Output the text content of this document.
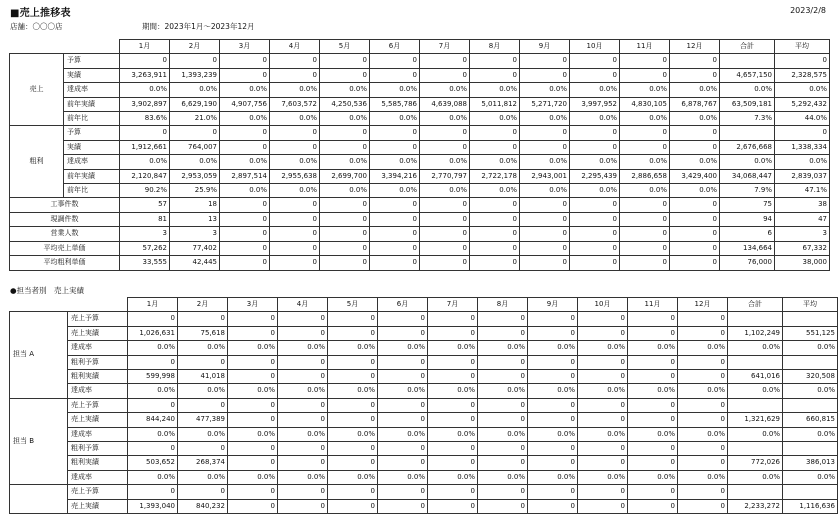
■売上推移表	2023/2/8
店舗：〇〇〇店	期間：2023年1月～2023年12月
		1月	2月	3月	4月	5月	6月	7月	8月	9月	10月	11月	12月	合計	平均
売上	予算	0	0	0	0	0	0	0	0	0	0	0	0		0
	実績	3,263,911	1,393,239	0	0	0	0	0	0	0	0	0	0	4,657,150	2,328,575
	達成率	0.0%	0.0%	0.0%	0.0%	0.0%	0.0%	0.0%	0.0%	0.0%	0.0%	0.0%	0.0%	0.0%	0.0%
	前年実績	3,902,897	6,629,190	4,907,756	7,603,572	4,250,536	5,585,786	4,639,088	5,011,812	5,271,720	3,997,952	4,830,105	6,878,767	63,509,181	5,292,432
	前年比	83.6%	21.0%	0.0%	0.0%	0.0%	0.0%	0.0%	0.0%	0.0%	0.0%	0.0%	0.0%	7.3%	44.0%
粗利	予算	0	0	0	0	0	0	0	0	0	0	0	0		0
	実績	1,912,661	764,007	0	0	0	0	0	0	0	0	0	0	2,676,668	1,338,334
	達成率	0.0%	0.0%	0.0%	0.0%	0.0%	0.0%	0.0%	0.0%	0.0%	0.0%	0.0%	0.0%	0.0%	0.0%
	前年実績	2,120,847	2,953,059	2,897,514	2,955,638	2,699,700	3,394,216	2,770,797	2,722,178	2,943,001	2,295,439	2,886,658	3,429,400	34,068,447	2,839,037
	前年比	90.2%	25.9%	0.0%	0.0%	0.0%	0.0%	0.0%	0.0%	0.0%	0.0%	0.0%	0.0%	7.9%	47.1%
工事件数		57	18	0	0	0	0	0	0	0	0	0	0	75	38
現調件数		81	13	0	0	0	0	0	0	0	0	0	0	94	47
営業人数		3	3	0	0	0	0	0	0	0	0	0	0	6	3
平均売上単価		57,262	77,402	0	0	0	0	0	0	0	0	0	0	134,664	67,332
平均粗利単価		33,555	42,445	0	0	0	0	0	0	0	0	0	0	76,000	38,000
●担当者別　売上実績
		1月	2月	3月	4月	5月	6月	7月	8月	9月	10月	11月	12月	合計	平均
担当 A	売上予算	0	0	0	0	0	0	0	0	0	0	0	0		
	売上実績	1,026,631	75,618	0	0	0	0	0	0	0	0	0	0	1,102,249	551,125
	達成率	0.0%	0.0%	0.0%	0.0%	0.0%	0.0%	0.0%	0.0%	0.0%	0.0%	0.0%	0.0%	0.0%	0.0%
	粗利予算	0	0	0	0	0	0	0	0	0	0	0	0		
	粗利実績	599,998	41,018	0	0	0	0	0	0	0	0	0	0	641,016	320,508
	達成率	0.0%	0.0%	0.0%	0.0%	0.0%	0.0%	0.0%	0.0%	0.0%	0.0%	0.0%	0.0%	0.0%	0.0%
担当 B	売上予算	0	0	0	0	0	0	0	0	0	0	0	0		
	売上実績	844,240	477,389	0	0	0	0	0	0	0	0	0	0	1,321,629	660,815
	達成率	0.0%	0.0%	0.0%	0.0%	0.0%	0.0%	0.0%	0.0%	0.0%	0.0%	0.0%	0.0%	0.0%	0.0%
	粗利予算	0	0	0	0	0	0	0	0	0	0	0	0		
	粗利実績	503,652	268,374	0	0	0	0	0	0	0	0	0	0	772,026	386,013
	達成率	0.0%	0.0%	0.0%	0.0%	0.0%	0.0%	0.0%	0.0%	0.0%	0.0%	0.0%	0.0%	0.0%	0.0%
	売上予算	0	0	0	0	0	0	0	0	0	0	0	0		
	売上実績	1,393,040	840,232	0	0	0	0	0	0	0	0	0	0	2,233,272	1,116,636
